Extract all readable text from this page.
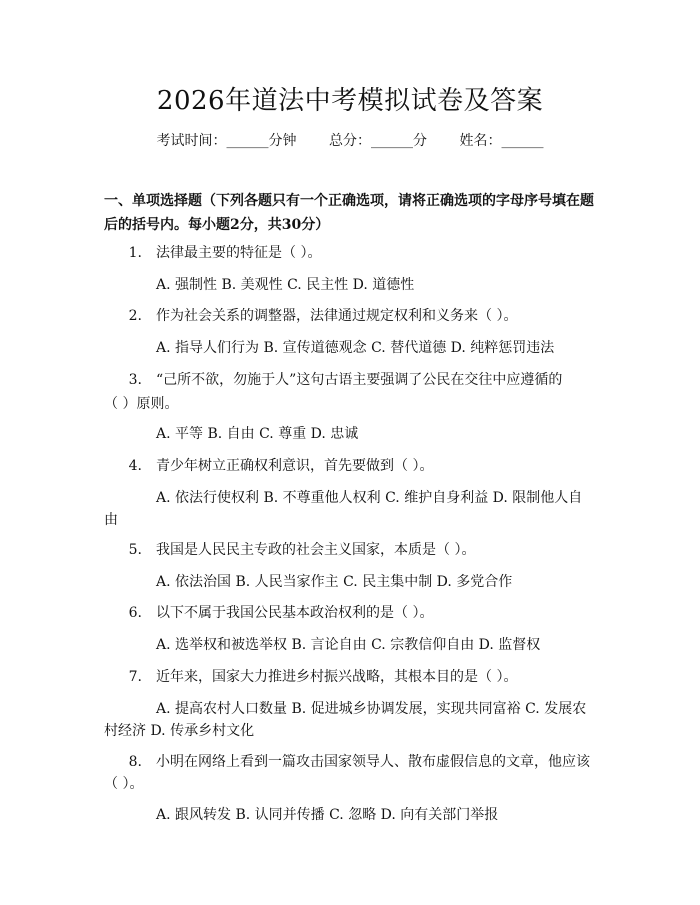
2026年道法中考模拟试卷及答案
考试时间：______分钟 总分：______分 姓名：______
一、单项选择题（下列各题只有一个正确选项，请将正确选项的字母序号填在题
后的括号内。每小题2分，共30分）
1. 法律最主要的特征是（ ）。
A. 强制性 B. 美观性 C. 民主性 D. 道德性
2. 作为社会关系的调整器，法律通过规定权利和义务来（ ）。
A. 指导人们行为 B. 宣传道德观念 C. 替代道德 D. 纯粹惩罚违法
3. “己所不欲，勿施于人”这句古语主要强调了公民在交往中应遵循的
（ ）原则。
A. 平等 B. 自由 C. 尊重 D. 忠诚
4. 青少年树立正确权利意识，首先要做到（ ）。
A. 依法行使权利 B. 不尊重他人权利 C. 维护自身利益 D. 限制他人自
由
5. 我国是人民民主专政的社会主义国家，本质是（ ）。
A. 依法治国 B. 人民当家作主 C. 民主集中制 D. 多党合作
6. 以下不属于我国公民基本政治权利的是（ ）。
A. 选举权和被选举权 B. 言论自由 C. 宗教信仰自由 D. 监督权
7. 近年来，国家大力推进乡村振兴战略，其根本目的是（ ）。
A. 提高农村人口数量 B. 促进城乡协调发展，实现共同富裕 C. 发展农
村经济 D. 传承乡村文化
8. 小明在网络上看到一篇攻击国家领导人、散布虚假信息的文章，他应该
（ ）。
A. 跟风转发 B. 认同并传播 C. 忽略 D. 向有关部门举报
